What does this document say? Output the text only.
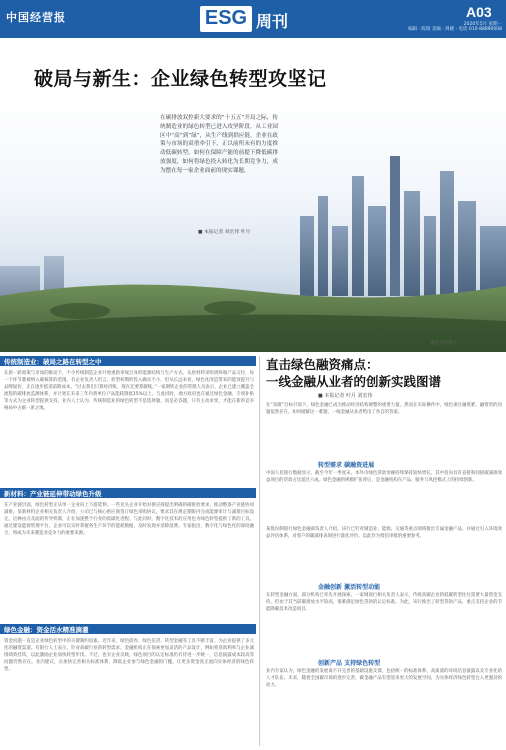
中国经营报	ESG 周刊	A03
2020年5月 星期一
编辑 · 陈瑞 美编 · 周晓 · 电话 010-88890008
破局与新生：企业绿色转型攻坚记
在碳排放双控新大要求的“十五五”开局之际，传统制造业的绿色转型已进入攻坚阶段。从工业园区中“高”到“绿”，从生产线到供应链，企业在政策与市场的双重牵引下，正以前所未有的力度推动低碳转型。如何在保障产能的前提下降低碳排放强度，如何将绿色投入转化为长期竞争力，成为摆在每一家企业面前的现实课题。
■ 本报记者 刘宏伟 叶月
视觉中国图片
传统制造业：破局之路在转型之中
在新一轮政策与市场的推动下，不少传统制造企业开始重新审视自身的能源结构与生产方式。从原材料采购到终端产品交付，每一个环节都被纳入碳核算的范围。有企业负责人坦言，转型初期的投入确实不小，但从长远来看，绿色化改造带来的能效提升与品牌溢价，正在逐步抵消前期成本。“过去我们只算经济账，现在还要算碳账。”一家钢铁企业的管理人员表示，企业已建立覆盖全流程的碳排放监测体系，并计划在未来三年内将单位产品能耗降低15%以上。与此同时，地方政府也在通过绿色金融、专项补贴等方式为企业转型提供支持。业内人士认为，传统制造业的绿色转型不是选择题，而是必答题，只有主动求变，才能在新的竞争格局中占据一席之地。
新材料：产业链延伸带动绿色升级
在产业链层面，绿色转型正从单一企业向上下游延伸。一些龙头企业开始对供应商提出明确的碳排放要求，推动整条产业链协同减排。某新材料企业相关负责人介绍，公司已与核心供应商签订绿色采购协议，要求其在规定期限内完成能源审计与减排目标设定。这种由点及面的传导机制，正在加速整个行业的低碳化进程。与此同时，数字化技术的应用也为绿色转型提供了新的工具。通过建设能源管理平台，企业可以实时掌握各生产环节的能耗数据，及时发现并消除浪费。专家指出，数字化与绿色化的深度融合，将成为未来制造业竞争力的重要来源。
绿色金融：资金活水精准滴灌
资金问题一直是企业绿色转型中的关键制约因素。近年来，绿色债券、绿色信贷、转型金融等工具不断丰富，为企业提供了多元化的融资渠道。有银行人士表示，针对高碳行业的转型需求，金融机构正在探索更加灵活的产品设计，例如将贷款利率与企业减排绩效挂钩，以此激励企业加快转型步伐。不过，也有企业反映，绿色项目的认定标准仍有待进一步统一，信息披露成本较高等问题仍然存在。业内建议，应加快完善相关标准体系，降低企业参与绿色金融的门槛，让更多资金真正流向实体经济的绿色转型。
直击绿色融资痛点：
一线金融从业者的创新实践图谱
■ 本报记者 叶月 刘宏伟
在“双碳”目标引领下，绿色金融已成为推动经济结构调整的重要力量。然而在实际操作中，绿色项目融资难、融资贵的问题依然存在。如何破解这一难题，一线金融从业者给出了各自的答案。
转型需求 碳融资进展
中国人民银行数据显示，截至今年一季度末，本外币绿色贷款余额持续保持较快增长，其中投向具有直接和间接碳减排效益项目的贷款占比超过六成。绿色金融的规模扩张背后，是金融机构在产品、服务与风控模式上的持续创新。
某股份制银行绿色金融部负责人介绍，该行已针对制造业、能源、交通等重点领域推出专属金融产品，并通过引入环境效益评估体系，对客户的碳减排表现进行量化评价，以此作为授信审批的重要参考。
金融创新 激活转型动能
在转型金融方面，部分机构已率先开展探索。一家城商行相关负责人表示，传统高碳企业的低碳转型往往需要大量资金支持，但由于其当前碳排放水平较高，很难满足绿色贷款的认定标准。为此，该行推出了转型贷款产品，重点支持企业的节能降碳技术改造项目。
创新产品 支持绿色转型
业内专家认为，绿色金融的发展离不开完善的基础设施支撑，包括统一的标准体系、高质量的环境信息披露以及专业化的人才队伍。未来，随着全国碳市场的逐步完善，碳金融产品有望迎来更大的发展空间，为实体经济绿色转型注入更强劲的动力。
